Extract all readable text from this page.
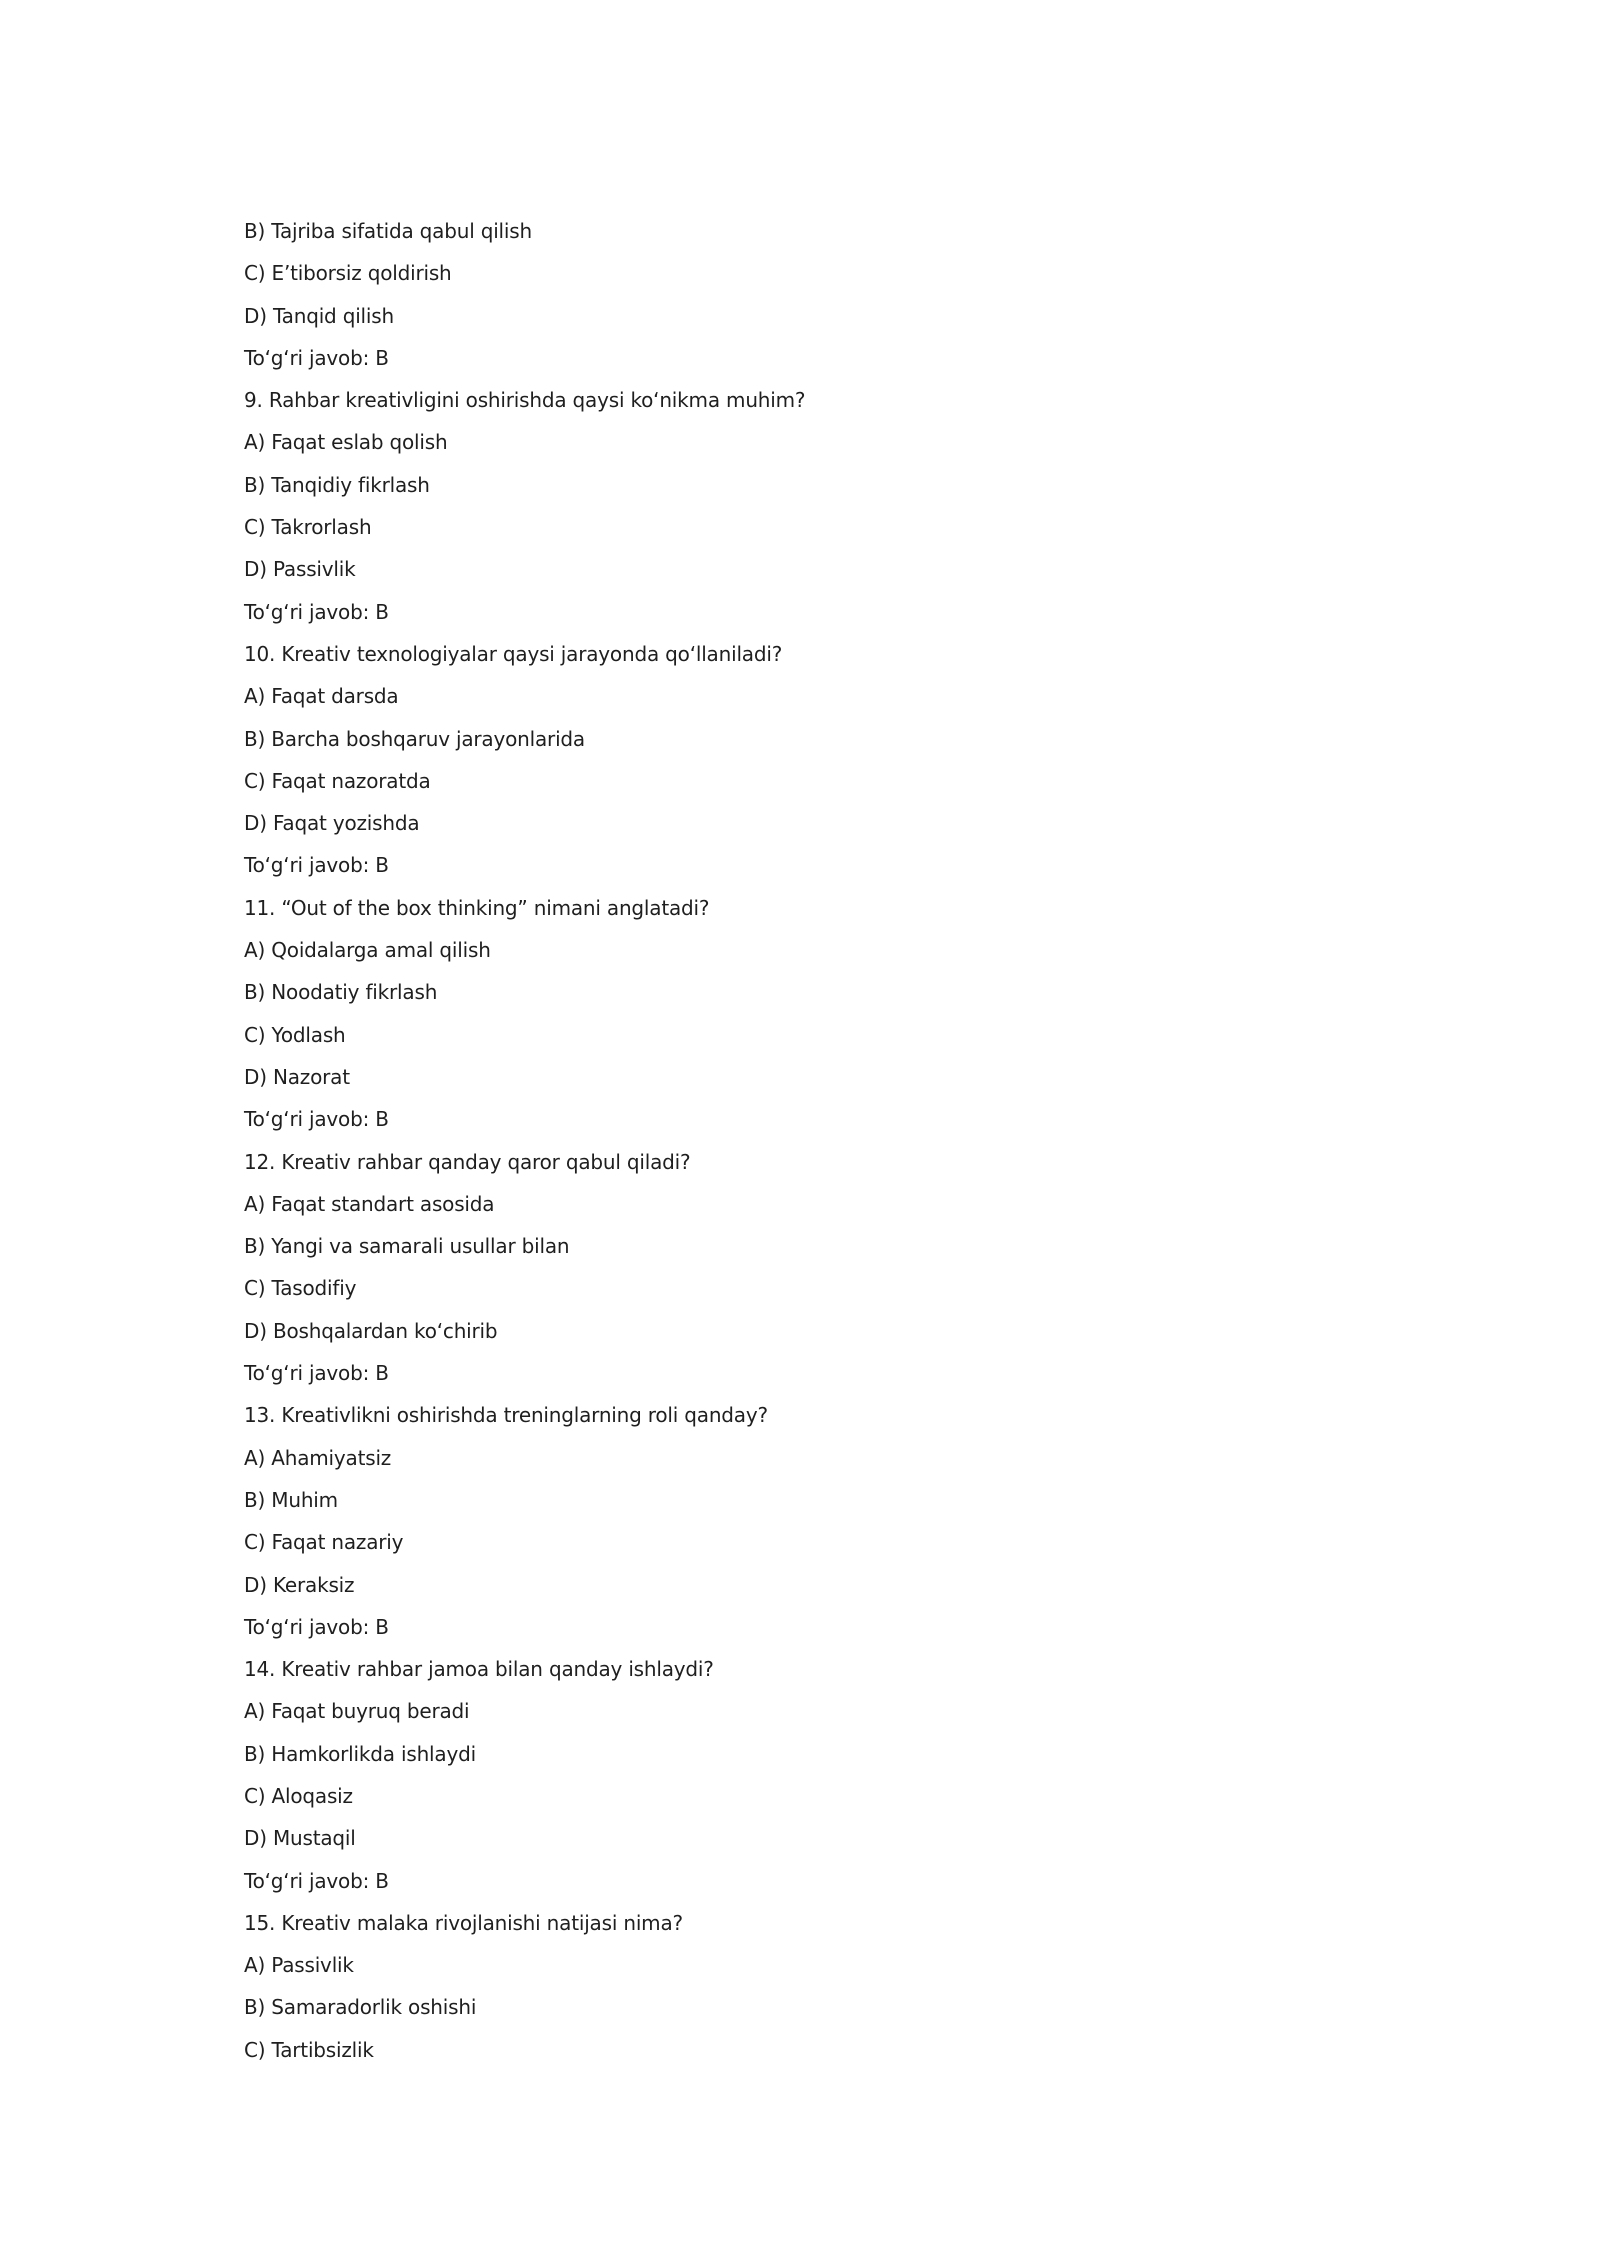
B) Tajriba sifatida qabul qilish
C) E’tiborsiz qoldirish
D) Tanqid qilish
To‘g‘ri javob: B
9. Rahbar kreativligini oshirishda qaysi ko‘nikma muhim?
A) Faqat eslab qolish
B) Tanqidiy fikrlash
C) Takrorlash
D) Passivlik
To‘g‘ri javob: B
10. Kreativ texnologiyalar qaysi jarayonda qo‘llaniladi?
A) Faqat darsda
B) Barcha boshqaruv jarayonlarida
C) Faqat nazoratda
D) Faqat yozishda
To‘g‘ri javob: B
11. “Out of the box thinking” nimani anglatadi?
A) Qoidalarga amal qilish
B) Noodatiy fikrlash
C) Yodlash
D) Nazorat
To‘g‘ri javob: B
12. Kreativ rahbar qanday qaror qabul qiladi?
A) Faqat standart asosida
B) Yangi va samarali usullar bilan
C) Tasodifiy
D) Boshqalardan ko‘chirib
To‘g‘ri javob: B
13. Kreativlikni oshirishda treninglarning roli qanday?
A) Ahamiyatsiz
B) Muhim
C) Faqat nazariy
D) Keraksiz
To‘g‘ri javob: B
14. Kreativ rahbar jamoa bilan qanday ishlaydi?
A) Faqat buyruq beradi
B) Hamkorlikda ishlaydi
C) Aloqasiz
D) Mustaqil
To‘g‘ri javob: B
15. Kreativ malaka rivojlanishi natijasi nima?
A) Passivlik
B) Samaradorlik oshishi
C) Tartibsizlik
